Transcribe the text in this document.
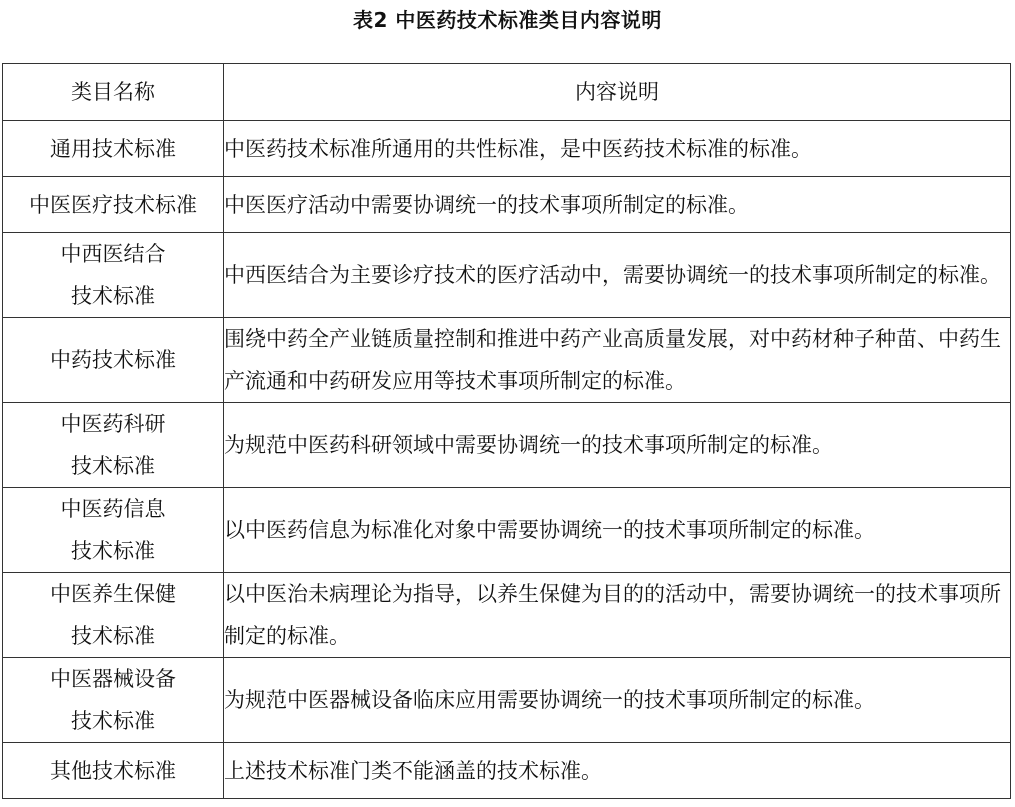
表2 中医药技术标准类目内容说明
类目名称	内容说明
通用技术标准	中医药技术标准所通用的共性标准，是中医药技术标准的标准。
中医医疗技术标准	中医医疗活动中需要协调统一的技术事项所制定的标准。
中西医结合
技术标准	中西医结合为主要诊疗技术的医疗活动中，需要协调统一的技术事项所制定的标准。
中药技术标准	围绕中药全产业链质量控制和推进中药产业高质量发展，对中药材种子种苗、中药生产流通和中药研发应用等技术事项所制定的标准。
中医药科研
技术标准	为规范中医药科研领域中需要协调统一的技术事项所制定的标准。
中医药信息
技术标准	以中医药信息为标准化对象中需要协调统一的技术事项所制定的标准。
中医养生保健
技术标准	以中医治未病理论为指导，以养生保健为目的的活动中，需要协调统一的技术事项所制定的标准。
中医器械设备
技术标准	为规范中医器械设备临床应用需要协调统一的技术事项所制定的标准。
其他技术标准	上述技术标准门类不能涵盖的技术标准。
